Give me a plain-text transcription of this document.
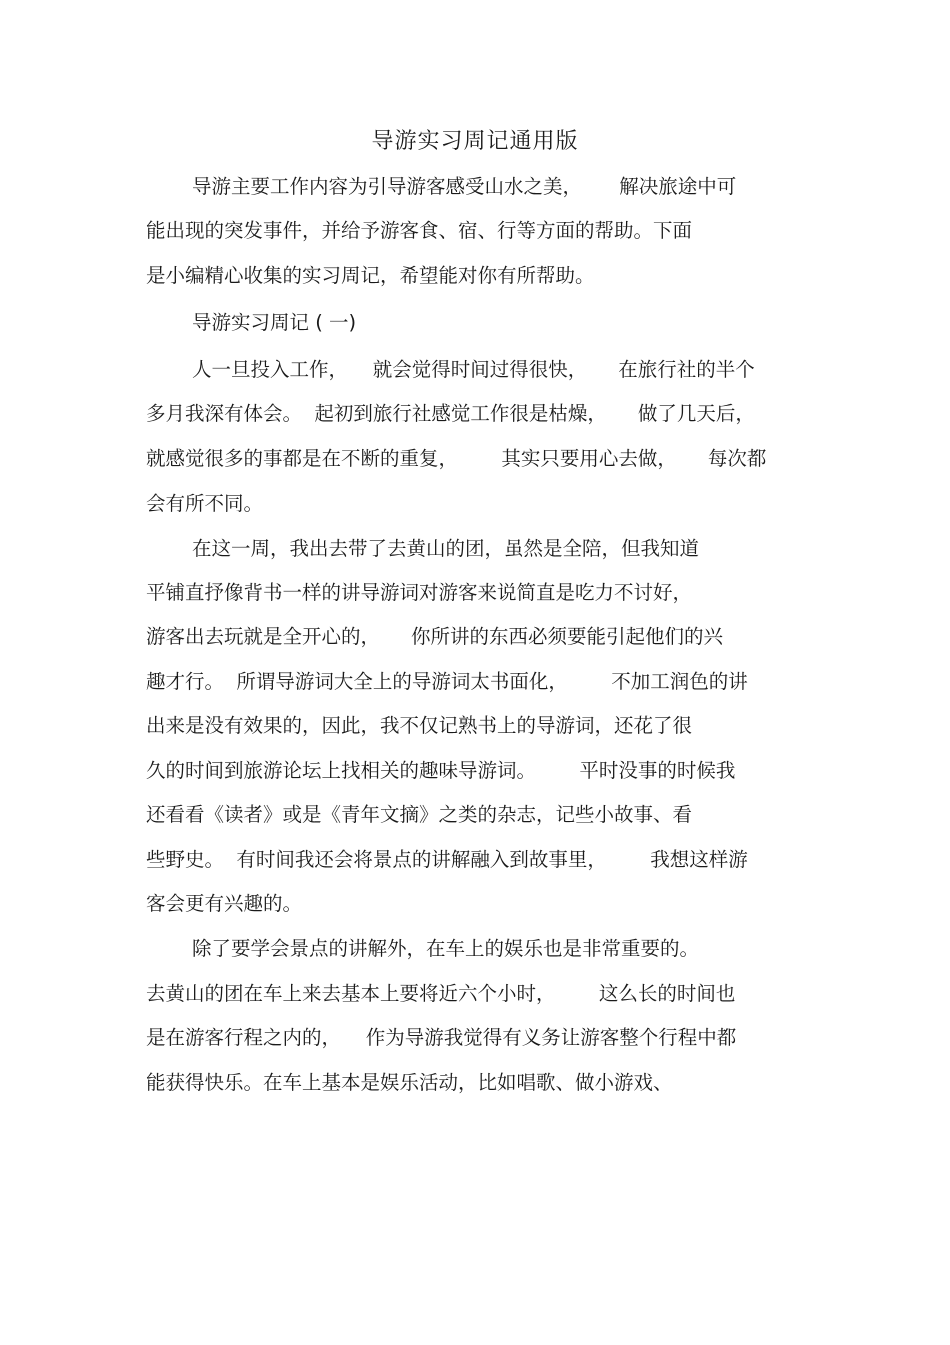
导游实习周记通用版
导游主要工作内容为引导游客感受山水之美，      解决旅途中可
能出现的突发事件，并给予游客食、宿、行等方面的帮助。下面
是小编精心收集的实习周记，希望能对你有所帮助。
导游实习周记 ( 一)
人一旦投入工作，    就会觉得时间过得很快，     在旅行社的半个
多月我深有体会。  起初到旅行社感觉工作很是枯燥，     做了几天后，
就感觉很多的事都是在不断的重复，       其实只要用心去做，     每次都
会有所不同。
在这一周，我出去带了去黄山的团，虽然是全陪，但我知道
平铺直抒像背书一样的讲导游词对游客来说简直是吃力不讨好，
游客出去玩就是全开心的，     你所讲的东西必须要能引起他们的兴
趣才行。  所谓导游词大全上的导游词太书面化，       不加工润色的讲
出来是没有效果的，因此，我不仅记熟书上的导游词，还花了很
久的时间到旅游论坛上找相关的趣味导游词。       平时没事的时候我
还看看《读者》或是《青年文摘》之类的杂志，记些小故事、看
些野史。  有时间我还会将景点的讲解融入到故事里，       我想这样游
客会更有兴趣的。
除了要学会景点的讲解外，在车上的娱乐也是非常重要的。
去黄山的团在车上来去基本上要将近六个小时，       这么长的时间也
是在游客行程之内的，    作为导游我觉得有义务让游客整个行程中都
能获得快乐。在车上基本是娱乐活动，比如唱歌、做小游戏、
